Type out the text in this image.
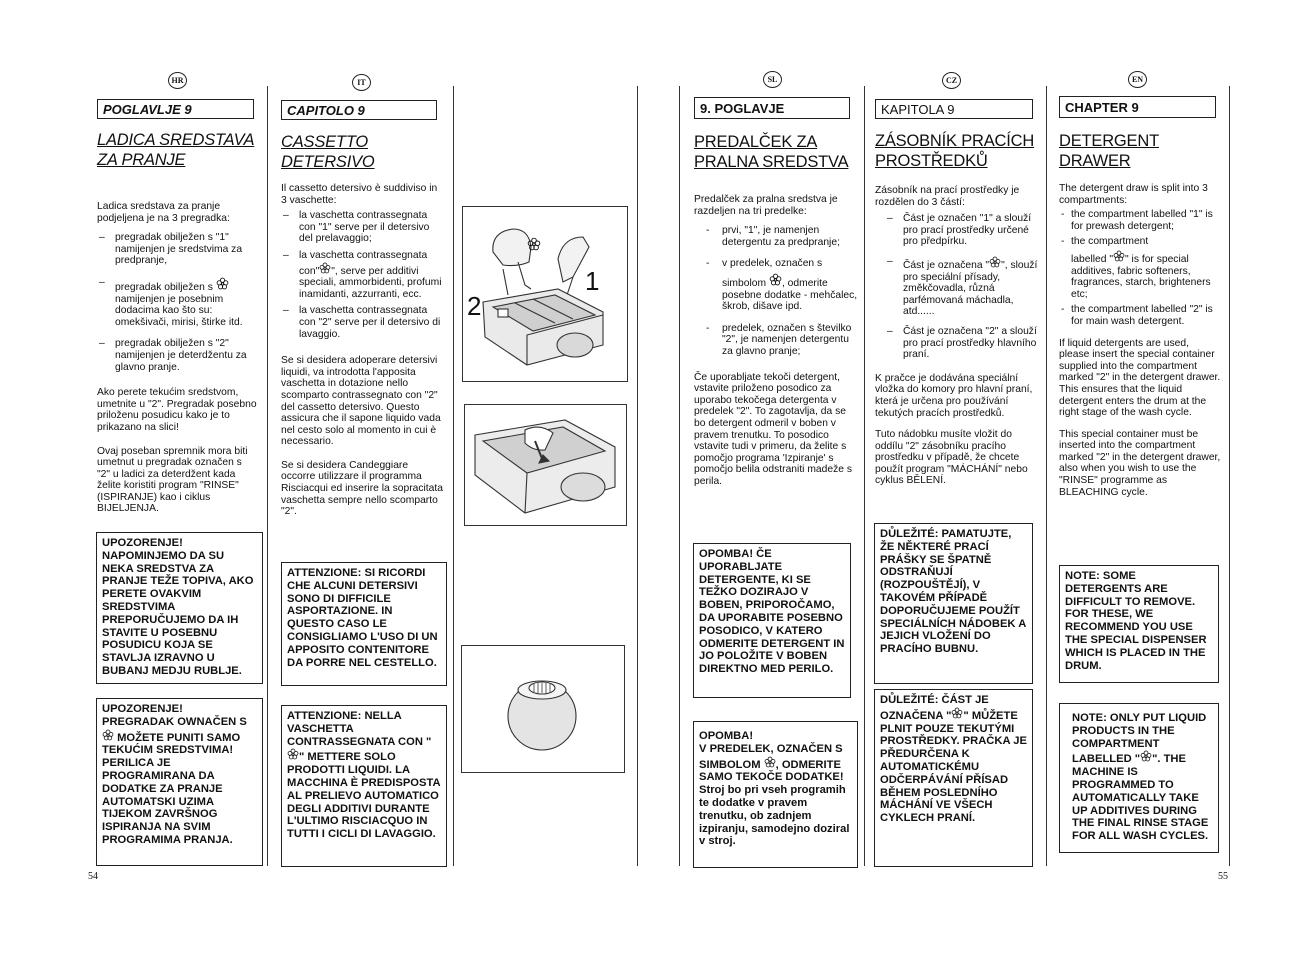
HR	IT	SL	CZ	EN
54	55
POGLAVLJE 9
LADICA SREDSTAVA
ZA PRANJE

Ladica sredstava za pranje podjeljena je na 3 pregradka:

– pregradak obilježen s "1" namijenjen je sredstvima za predpranje,
– pregradak obilježen s  namijenjen je posebnim dodacima kao što su: omekšivači, mirisi, štirke itd.
– pregradak obilježen s "2" namijenjen je deterdžentu za glavno pranje.

Ako perete tekućim sredstvom, umetnite u "2". Pregradak posebno priloženu posudicu kako je to prikazano na slici!

Ovaj poseban spremnik mora biti umetnut u pregradak označen s "2" u ladici za deterdžent kada želite koristiti program "RINSE" (ISPIRANJE) kao i ciklus BIJELJENJA.

UPOZORENJE! NAPOMINJEMO DA SU NEKA SREDSTVA ZA PRANJE TEŽE TOPIVA, AKO PERETE OVAKVIM SREDSTVIMA PREPORUČUJEMO DA IH STAVITE U POSEBNU POSUDICU KOJA SE STAVLJA IZRAVNO U BUBANJ MEDJU RUBLJE.
UPOZORENJE! PREGRADAK OWNAČEN S  MOŽETE PUNITI SAMO TEKUĆIM SREDSTVIMA! PERILICA JE PROGRAMIRANA DA DODATKE ZA PRANJE AUTOMATSKI UZIMA TIJEKOM ZAVRŠNOG ISPIRANJA NA SVIM PROGRAMIMA PRANJA.
CAPITOLO 9
CASSETTO DETERSIVO

Il cassetto detersivo è suddiviso in 3 vaschette:

– la vaschetta contrassegnata con "1" serve per il detersivo del prelavaggio;
– la vaschetta contrassegnata con" ", serve per additivi speciali, ammorbidenti, profumi inamidanti, azzurranti, ecc.
– la vaschetta contrassegnata con "2" serve per il detersivo di lavaggio.

Se si desidera adoperare detersivi liquidi, va introdotta l'apposita vaschetta in dotazione nello scomparto contrassegnato con "2" del cassetto detersivo. Questo assicura che il sapone liquido vada nel cesto solo al momento in cui è necessario.

Se si desidera Candeggiare occorre utilizzare il programma Risciacqui ed inserire la sopracitata vaschetta sempre nello scomparto "2".

ATTENZIONE: SI RICORDI CHE ALCUNI DETERSIVI SONO DI DIFFICILE ASPORTAZIONE. IN QUESTO CASO LE CONSIGLIAMO L'USO DI UN APPOSITO CONTENITORE DA PORRE NEL CESTELLO.
ATTENZIONE: NELLA VASCHETTA CONTRASSEGNATA CON "" METTERE SOLO PRODOTTI LIQUIDI. LA MACCHINA È PREDISPOSTA AL PRELIEVO AUTOMATICO DEGLI ADDITIVI DURANTE L'ULTIMO RISCIACQUO IN TUTTI I CICLI DI LAVAGGIO.
1
2
9. POGLAVJE
PREDALČEK ZA
PRALNA SREDSTVA

Predalček za pralna sredstva je razdeljen na tri predelke:

- prvi, "1", je namenjen detergentu za predpranje;
- v predelek, označen s
simbolom , odmerite posebne dodatke - mehčalec, škrob, dišave ipd.
- predelek, označen s številko "2", je namenjen detergentu za glavno pranje;

Če uporabljate tekoči detergent, vstavite priloženo posodico za uporabo tekočega detergenta v predelek "2". To zagotavlja, da se bo detergent odmeril v boben v pravem trenutku. To posodico vstavite tudi v primeru, da želite s pomočjo programa 'Izpiranje' s pomočjo belila odstraniti madeže s perila.

OPOMBA! ČE UPORABLJATE DETERGENTE, KI SE TEŽKO DOZIRAJO V BOBEN, PRIPOROČAMO, DA UPORABITE POSEBNO POSODICO, V KATERO ODMERITE DETERGENT IN JO POLOŽITE V BOBEN DIREKTNO MED PERILO.
OPOMBA!
V PREDELEK, OZNAČEN S SIMBOLOM , ODMERITE SAMO TEKOČE DODATKE! Stroj bo pri vseh programih te dodatke v pravem trenutku, ob zadnjem izpiranju, samodejno doziral v stroj.
KAPITOLA 9
ZÁSOBNÍK PRACÍCH
PROSTŘEDKŮ

Zásobník na prací prostředky je rozdělen do 3 částí:

– Část je označen "1" a slouží pro prací prostředky určené pro předpírku.
– Část je označena " ", slouží pro speciální přísady, změkčovadla, různá parfémovaná máchadla, atd......
– Část je označena "2" a slouží pro prací prostředky hlavního praní.

K pračce je dodávána speciální vložka do komory pro hlavní praní, která je určena pro používání tekutých pracích prostředků.

Tuto nádobku musíte vložit do oddílu "2" zásobníku pracího prostředku v případě, že chcete použít program "MÁCHÁNÍ" nebo cyklus BĚLENÍ.

DŮLEŽITÉ: PAMATUJTE, ŽE NĚKTERÉ PRACÍ PRÁŠKY SE ŠPATNĚ ODSTRAŇUJÍ (ROZPOUŠTĚJÍ), V TAKOVÉM PŘÍPADĚ DOPORUČUJEME POUŽÍT SPECIÁLNÍCH NÁDOBEK A JEJICH VLOŽENÍ DO PRACÍHO BUBNU.
DŮLEŽITÉ: ČÁST JE OZNAČENA " " MŮŽETE PLNIT POUZE TEKUTÝMI PROSTŘEDKY. PRAČKA JE PŘEDURČENA K AUTOMATICKÉMU ODČERPÁVÁNÍ PŘÍSAD BĚHEM POSLEDNÍHO MÁCHÁNÍ VE VŠECH CYKLECH PRANÍ.
CHAPTER 9
DETERGENT
DRAWER

The detergent draw is split into 3 compartments:

- the compartment labelled "1" is for prewash detergent;
- the compartment
labelled " " is for special additives, fabric softeners, fragrances, starch, brighteners etc;
- the compartment labelled "2" is for main wash detergent.

If liquid detergents are used, please insert the special container supplied into the compartment marked "2" in the detergent drawer. This ensures that the liquid detergent enters the drum at the right stage of the wash cycle.

This special container must be inserted into the compartment marked "2" in the detergent drawer, also when you wish to use the "RINSE" programme as BLEACHING cycle.

NOTE: SOME DETERGENTS ARE DIFFICULT TO REMOVE. FOR THESE, WE RECOMMEND YOU USE THE SPECIAL DISPENSER WHICH IS PLACED IN THE DRUM.
NOTE: ONLY PUT LIQUID PRODUCTS IN THE COMPARTMENT LABELLED " ". THE MACHINE IS PROGRAMMED TO AUTOMATICALLY TAKE UP ADDITIVES DURING THE FINAL RINSE STAGE FOR ALL WASH CYCLES.
